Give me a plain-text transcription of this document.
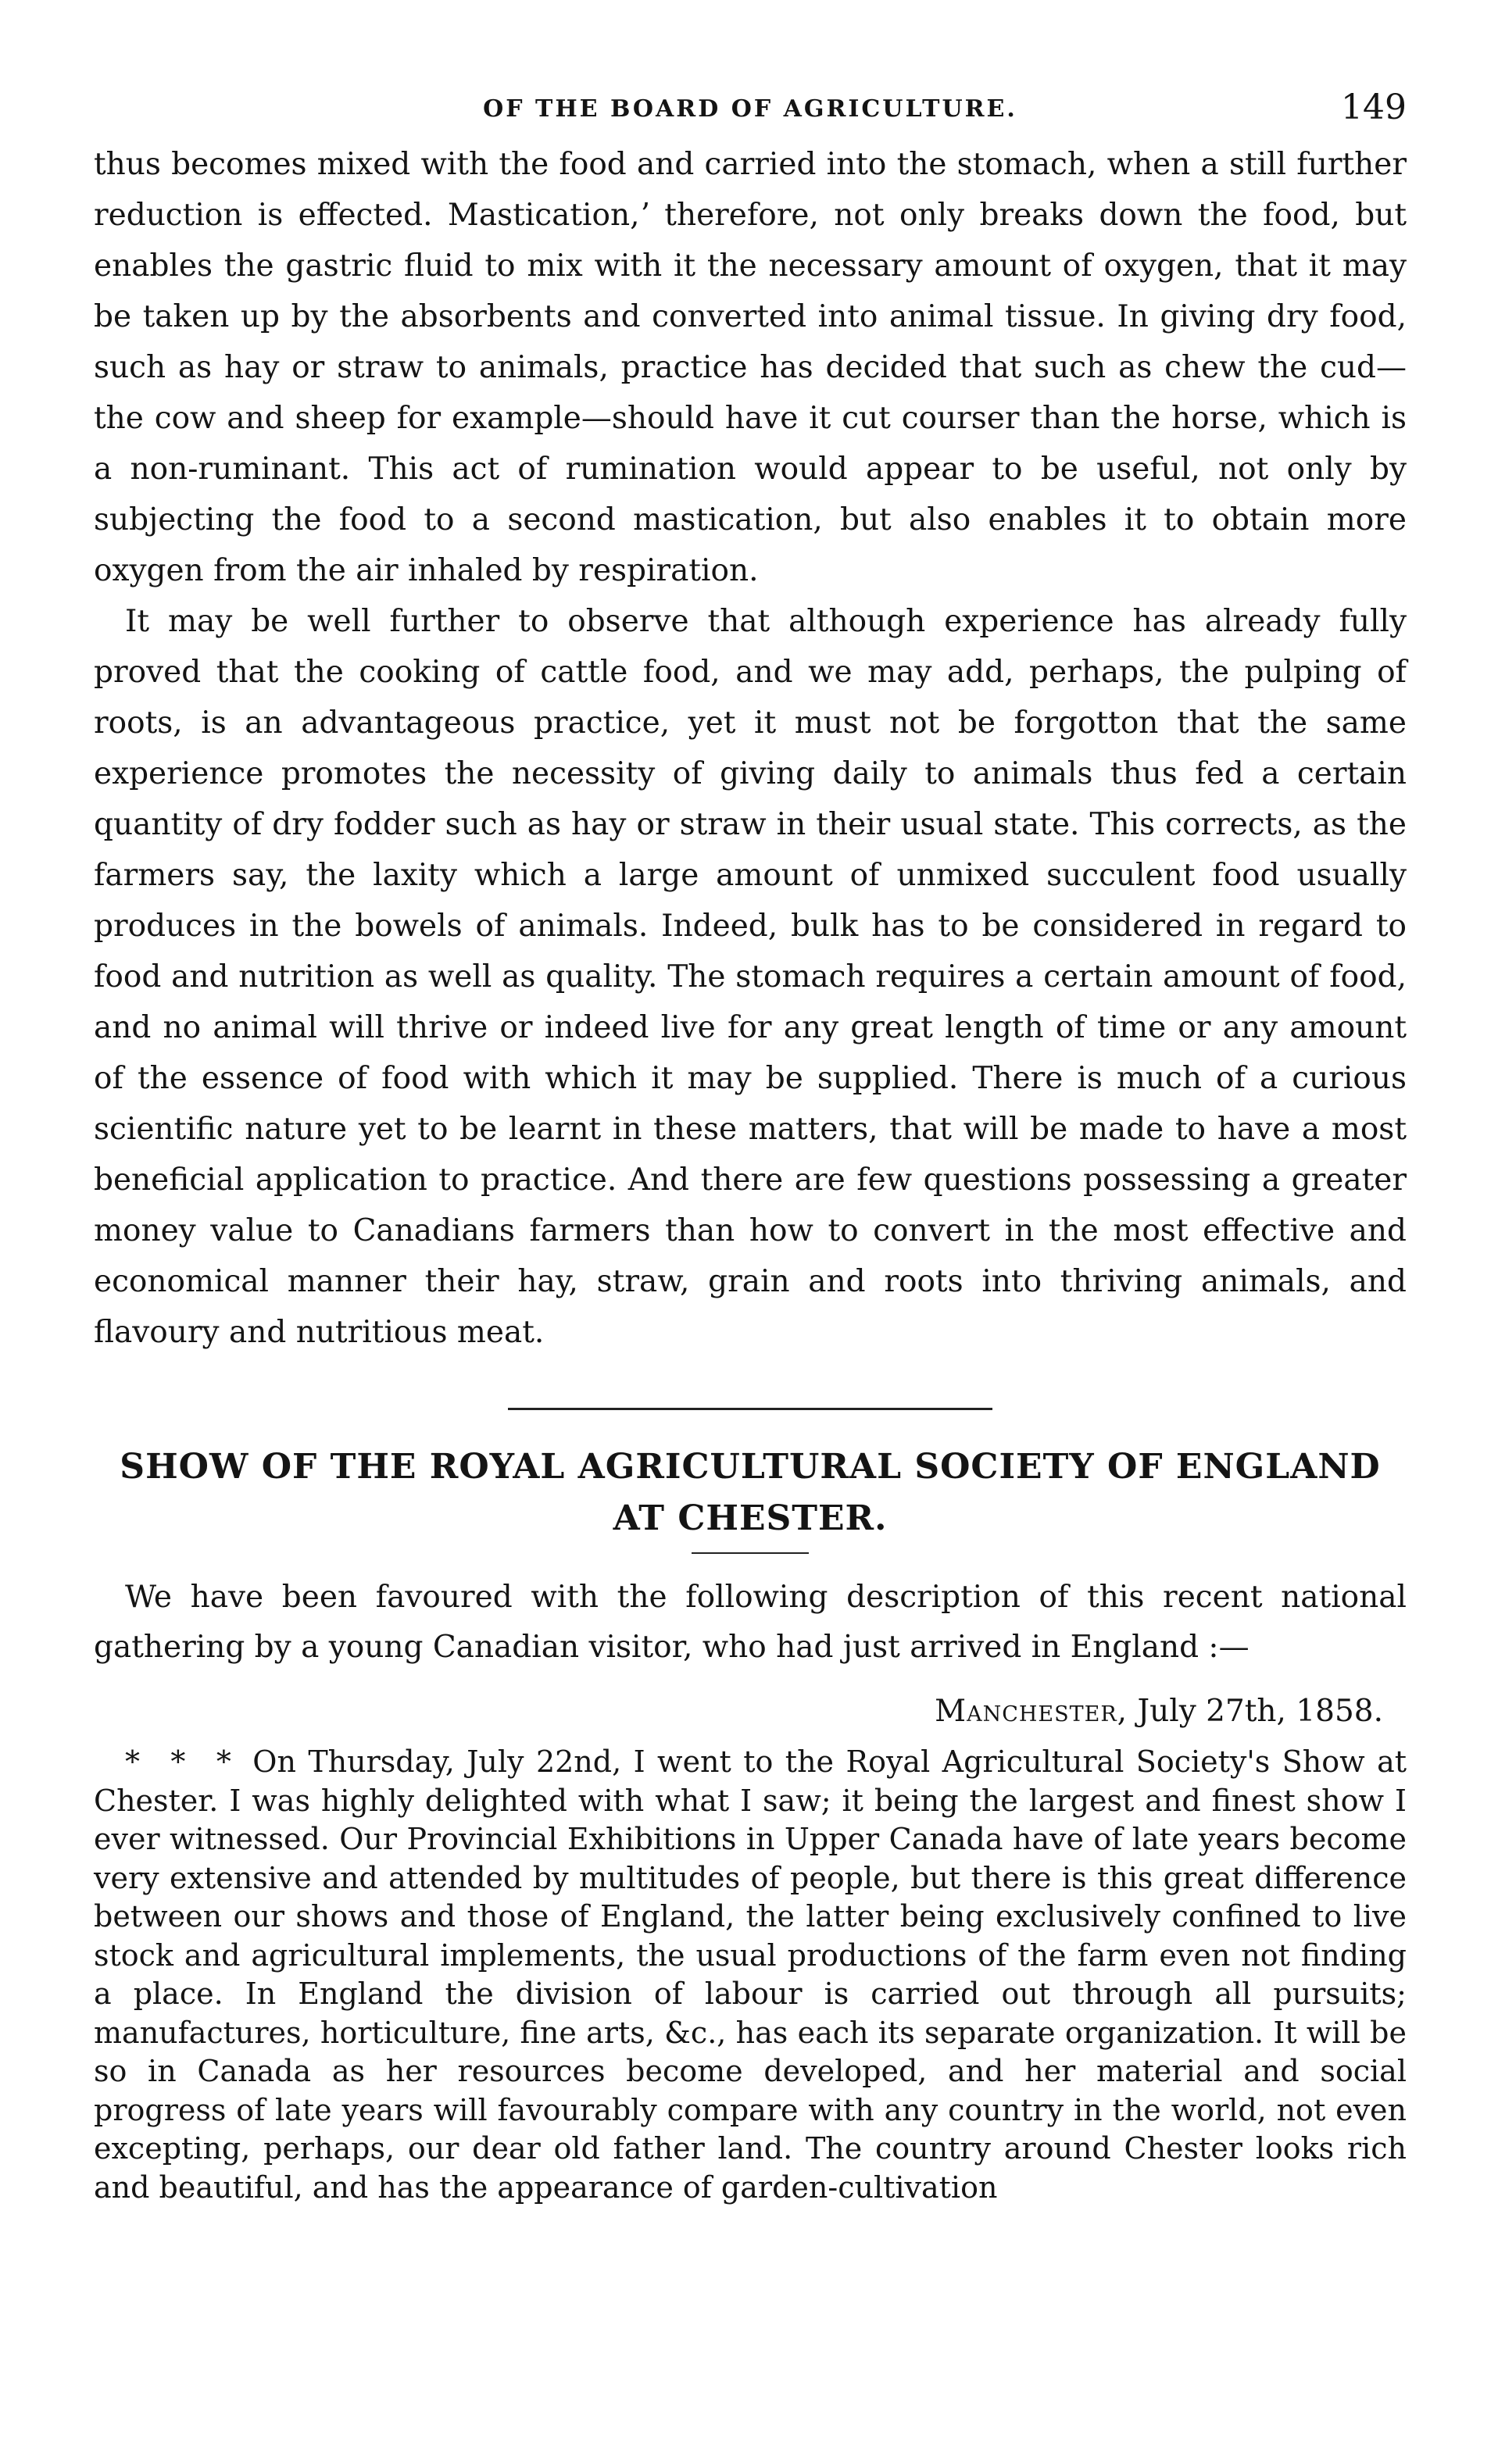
OF THE BOARD OF AGRICULTURE.	149

thus becomes mixed with the food and carried into the stomach, when a still further reduction is effected. Mastication,ʼ therefore, not only breaks down the food, but enables the gastric fluid to mix with it the necessary amount of oxygen, that it may be taken up by the absorbents and converted into animal tissue. In giving dry food, such as hay or straw to animals, practice has decided that such as chew the cud—the cow and sheep for example—should have it cut courser than the horse, which is a non-ruminant. This act of rumination would appear to be useful, not only by subjecting the food to a second mastication, but also enables it to obtain more oxygen from the air inhaled by respiration.

It may be well further to observe that although experience has already fully proved that the cooking of cattle food, and we may add, perhaps, the pulping of roots, is an advantageous practice, yet it must not be forgotton that the same experience promotes the necessity of giving daily to animals thus fed a certain quantity of dry fodder such as hay or straw in their usual state. This corrects, as the farmers say, the laxity which a large amount of unmixed succulent food usually produces in the bowels of animals. Indeed, bulk has to be considered in regard to food and nutrition as well as quality. The stomach requires a certain amount of food, and no animal will thrive or indeed live for any great length of time or any amount of the essence of food with which it may be supplied. There is much of a curious scientific nature yet to be learnt in these matters, that will be made to have a most beneficial application to practice. And there are few questions possessing a greater money value to Canadians farmers than how to convert in the most effective and economical manner their hay, straw, grain and roots into thriving animals, and flavoury and nutritious meat.

SHOW OF THE ROYAL AGRICULTURAL SOCIETY OF ENGLAND
AT CHESTER.

We have been favoured with the following description of this recent national gathering by a young Canadian visitor, who had just arrived in England :—

Manchester, July 27th, 1858.

* * * On Thursday, July 22nd, I went to the Royal Agricultural Society's Show at Chester. I was highly delighted with what I saw; it being the largest and finest show I ever witnessed. Our Provincial Exhibitions in Upper Canada have of late years become very extensive and attended by multitudes of people, but there is this great difference between our shows and those of England, the latter being exclusively confined to live stock and agricultural implements, the usual productions of the farm even not finding a place. In England the division of labour is carried out through all pursuits; manufactures, horticulture, fine arts, &c., has each its separate organization. It will be so in Canada as her resources become developed, and her material and social progress of late years will favourably compare with any country in the world, not even excepting, perhaps, our dear old father land. The country around Chester looks rich and beautiful, and has the appearance of garden-cultivation
